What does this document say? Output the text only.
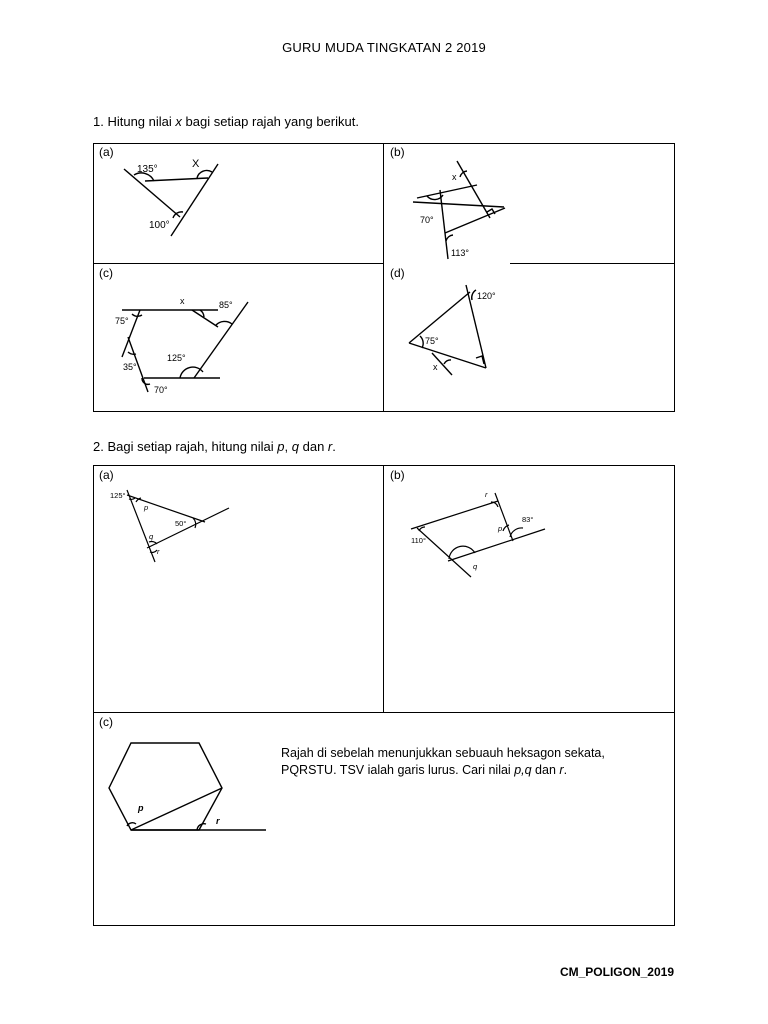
GURU MUDA TINGKATAN 2 2019
1. Hitung nilai x bagi setiap rajah yang berikut.
(a)	(b)
(c)	(d)
135°	X
100°
x
70°
113°
x	85°
75°
125°
35°
70°
120°
75°
x
2. Bagi setiap rajah, hitung nilai p, q dan r.
(a)	(b)
(c)
125°
p
q
r
50°
r
p
83°
110°
q
p
r
Rajah di sebelah menunjukkan sebuauh heksagon sekata,
PQRSTU. TSV ialah garis lurus. Cari nilai p,q dan r.
CM_POLIGON_2019
